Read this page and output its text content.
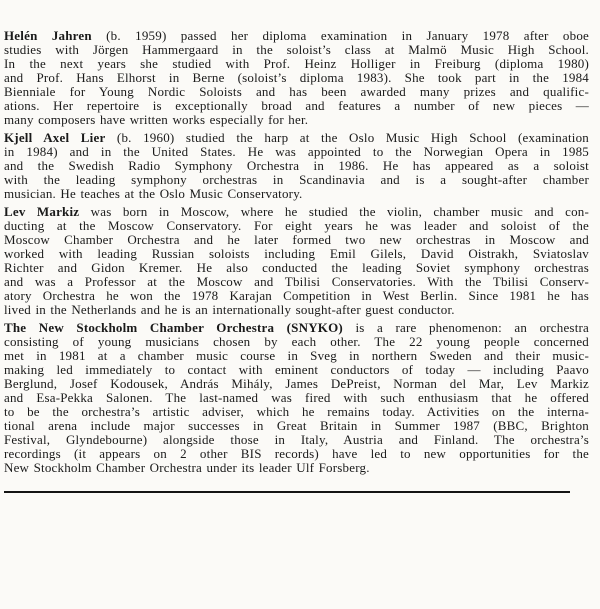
Helén Jahren (b. 1959) passed her diploma examination in January 1978 after oboe
studies with Jörgen Hammergaard in the soloist’s class at Malmö Music High School.
In the next years she studied with Prof. Heinz Holliger in Freiburg (diploma 1980)
and Prof. Hans Elhorst in Berne (soloist’s diploma 1983). She took part in the 1984
Bienniale for Young Nordic Soloists and has been awarded many prizes and qualific-
ations. Her repertoire is exceptionally broad and features a number of new pieces —
many composers have written works especially for her.
Kjell Axel Lier (b. 1960) studied the harp at the Oslo Music High School (examination
in 1984) and in the United States. He was appointed to the Norwegian Opera in 1985
and the Swedish Radio Symphony Orchestra in 1986. He has appeared as a soloist
with the leading symphony orchestras in Scandinavia and is a sought-after chamber
musician. He teaches at the Oslo Music Conservatory.
Lev Markiz was born in Moscow, where he studied the violin, chamber music and con-
ducting at the Moscow Conservatory. For eight years he was leader and soloist of the
Moscow Chamber Orchestra and he later formed two new orchestras in Moscow and
worked with leading Russian soloists including Emil Gilels, David Oistrakh, Sviatoslav
Richter and Gidon Kremer. He also conducted the leading Soviet symphony orchestras
and was a Professor at the Moscow and Tbilisi Conservatories. With the Tbilisi Conserv-
atory Orchestra he won the 1978 Karajan Competition in West Berlin. Since 1981 he has
lived in the Netherlands and he is an internationally sought-after guest conductor.
The New Stockholm Chamber Orchestra (SNYKO) is a rare phenomenon: an orchestra
consisting of young musicians chosen by each other. The 22 young people concerned
met in 1981 at a chamber music course in Sveg in northern Sweden and their music-
making led immediately to contact with eminent conductors of today — including Paavo
Berglund, Josef Kodousek, András Mihály, James DePreist, Norman del Mar, Lev Markiz
and Esa-Pekka Salonen. The last-named was fired with such enthusiasm that he offered
to be the orchestra’s artistic adviser, which he remains today. Activities on the interna-
tional arena include major successes in Great Britain in Summer 1987 (BBC, Brighton
Festival, Glyndebourne) alongside those in Italy, Austria and Finland. The orchestra’s
recordings (it appears on 2 other BIS records) have led to new opportunities for the
New Stockholm Chamber Orchestra under its leader Ulf Forsberg.
